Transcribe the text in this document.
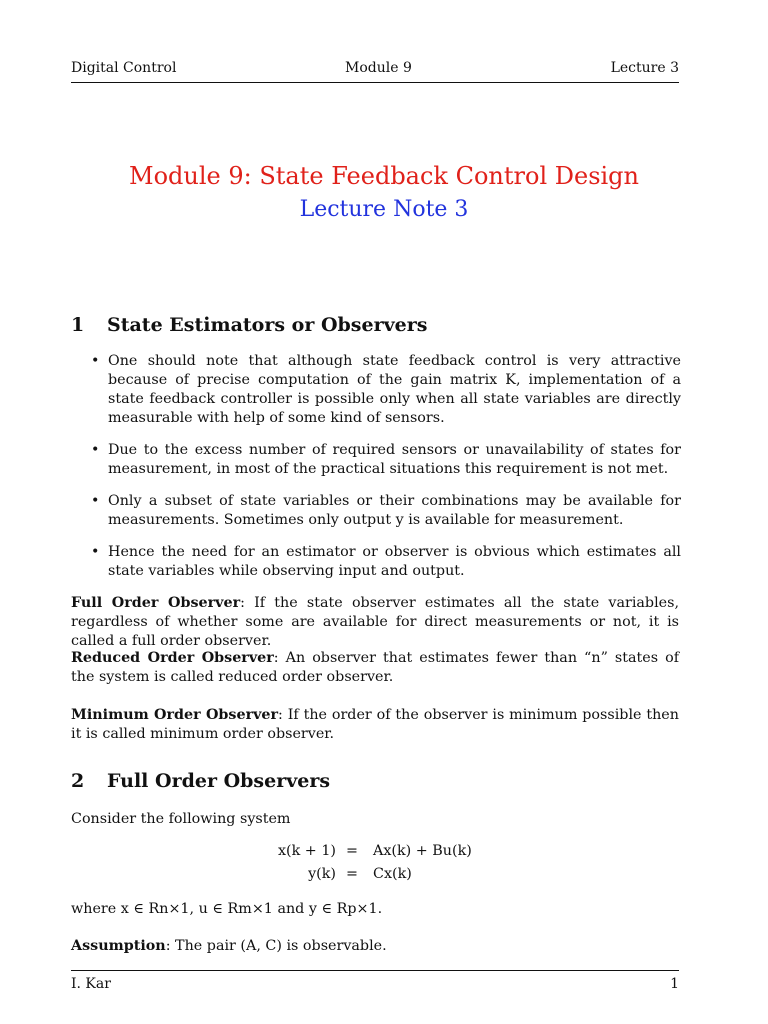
Digital Control	Module 9	Lecture 3
Module 9: State Feedback Control Design
Lecture Note 3
1 State Estimators or Observers
• One should note that although state feedback control is very attractive because of precise computation of the gain matrix K, implementation of a state feedback controller is possible only when all state variables are directly measurable with help of some kind of sensors.
• Due to the excess number of required sensors or unavailability of states for measurement, in most of the practical situations this requirement is not met.
• Only a subset of state variables or their combinations may be available for measurements. Sometimes only output y is available for measurement.
• Hence the need for an estimator or observer is obvious which estimates all state variables while observing input and output.
Full Order Observer: If the state observer estimates all the state variables, regardless of whether some are available for direct measurements or not, it is called a full order observer.
Reduced Order Observer: An observer that estimates fewer than “n” states of the system is called reduced order observer.
Minimum Order Observer: If the order of the observer is minimum possible then it is called minimum order observer.
2 Full Order Observers
Consider the following system
x(k + 1) = Ax(k) + Bu(k)
y(k) = Cx(k)
where x ∈ Rn×1, u ∈ Rm×1 and y ∈ Rp×1.
Assumption: The pair (A, C) is observable.
I. Kar	1
